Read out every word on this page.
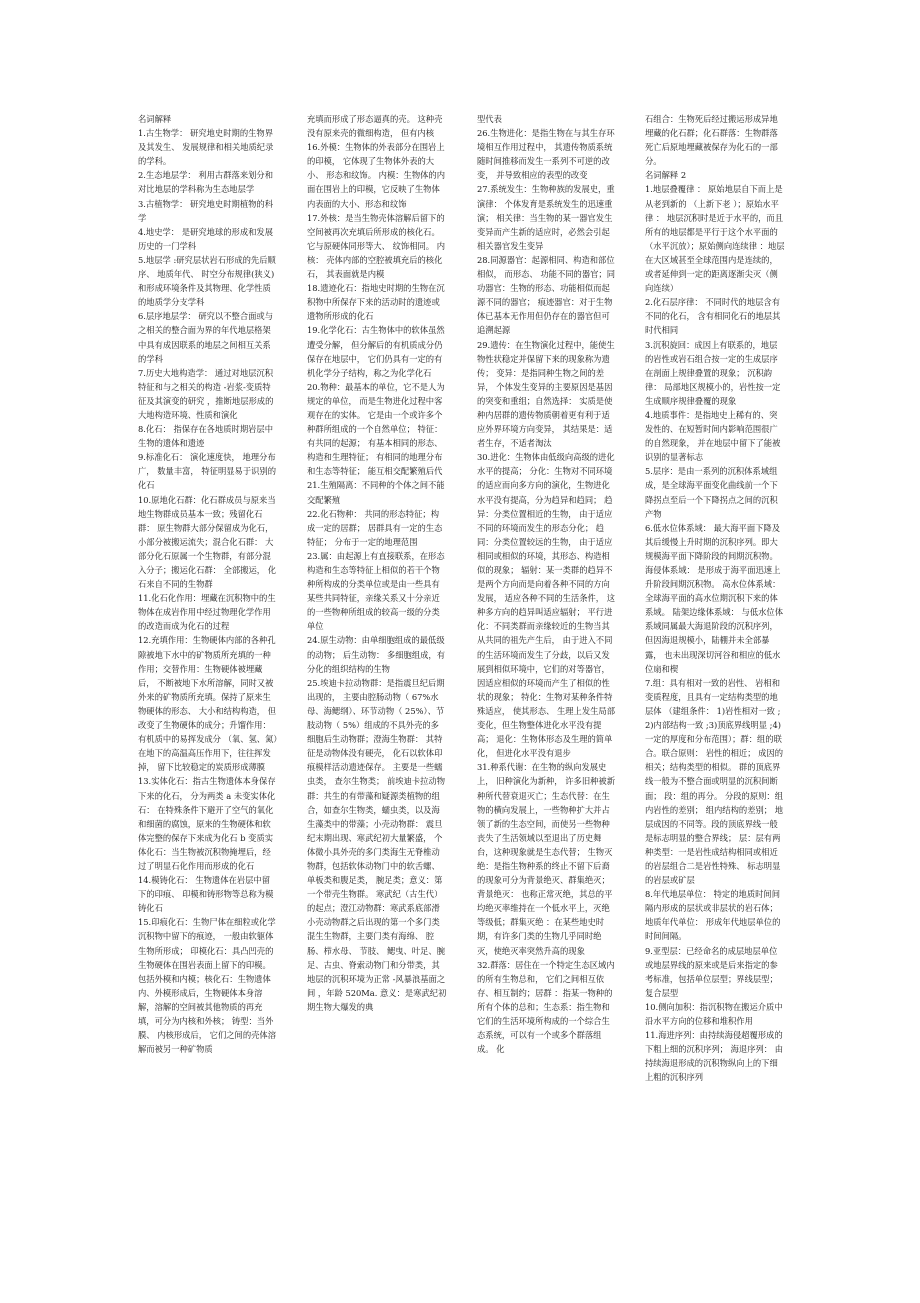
名词解释

1.古生物学： 研究地史时期的生物界及其发生、 发展规律和相关地质纪录的学科。

2.生态地层学： 利用古群落来划分和对比地层的学科称为生态地层学

3.古植物学： 研究地史时期植物的科学

4.地史学： 是研究地球的形成和发展历史的一门学科

5.地层学 :研究层状岩石形成的先后顺序、 地质年代、 时空分布规律(狭义)和形成环境条件及其物理、化学性质的地质学分支学科

6.层序地层学： 研究以不整合面或与之相关的整合面为界的年代地层格架中具有成因联系的地层之间相互关系的学科

7.历史大地构造学： 通过对地层沉积特征和与之相关的构造 -岩浆-变质特征及其演变的研究 ，推断地层形成的大地构造环境、性质和演化

8.化石： 指保存在各地质时期岩层中生物的遗体和遗迹

9.标准化石： 演化速度快， 地理分布广， 数量丰富， 特征明显易于识别的化石

10.原地化石群：化石群成员与原来当地生物群成员基本一致；残留化石群： 原生物群大部分保留成为化石，小部分被搬运流失；混合化石群： 大部分化石原属一个生物群，有部分混入分子；搬运化石群： 全部搬运， 化石来自不同的生物群

11.化石化作用：埋藏在沉积物中的生物体在成岩作用中经过物理化学作用的改造而成为化石的过程

12.充填作用：生物硬体内部的各种孔隙被地下水中的矿物质所充填的一种作用；交替作用：生物硬体被埋藏后， 不断被地下水所溶解，同时又被外来的矿物质所充填。保持了原来生物硬体的形态、 大小和结构构造， 但改变了生物硬体的成分；升馏作用：有机质中的易挥发成分 （氧、氢、氮）在地下的高温高压作用下，往往挥发掉， 留下比较稳定的炭质形成薄膜

13.实体化石：指古生物遗体本身保存下来的化石， 分为两类 a 未变实体化石： 在特殊条件下避开了空气的氧化和细菌的腐蚀，原来的生物硬体和软体完整的保存下来成为化石 b 变质实体化石：当生物被沉积物掩埋后，经过了明显石化作用而形成的化石

14.模铸化石： 生物遗体在岩层中留下的印痕、 印模和铸形物等总称为模铸化石

15.印痕化石：生物尸体在细粒或化学沉积物中留下的痕迹， 一般由软躯体生物所形成； 印模化石：具凸凹壳的生物硬体在围岩表面上留下的印模。 包括外模和内模；核化石：生物遗体内、外模形成后，生物硬体本身溶解，溶解的空间被其他物质的再充填，可分为内核和外核； 铸型：当外膜、 内核形成后， 它们之间的壳体溶解而被另一种矿物质

充填而形成了形态逼真的壳。 这种壳没有原来壳的微细构造， 但有内核

16.外模：生物体的外表部分在围岩上的印模， 它体现了生物体外表的大小、 形态和纹饰。 内模：生物体的内面在围岩上的印模，它反映了生物体内表面的大小、形态和纹饰

17.外核：是当生物壳体溶解后留下的空间被再次充填后所形成的核化石。 它与原硬体同形等大、 纹饰相同。 内核： 壳体内部的空腔被填充后的核化石， 其表面就是内模

18.遗迹化石：指地史时期的生物在沉积物中所保存下来的活动时的遗迹或遗物所形成的化石

19.化学化石：古生物体中的软体虽然遭受分解， 但分解后的有机质成分仍保存在地层中， 它们仍具有一定的有机化学分子结构，称之为化学化石

20.物种：最基本的单位，它不是人为规定的单位， 而是生物进化过程中客观存在的实体。 它是由一个或许多个种群所组成的一个自然单位； 特征： 有共同的起源； 有基本相同的形态、 构造和生理特征； 有相同的地理分布和生态等特征； 能互相交配繁殖后代

21.生殖隔离：不同种的个体之间不能交配繁殖

22.化石物种： 共同的形态特征；构成一定的居群； 居群具有一定的生态特征； 分布于一定的地理范围

23.属：由起源上有直接联系，在形态构造和生态等特征上相似的若干个物种所构成的分类单位或是由一些具有某些共同特征，亲缘关系又十分亲近的一些物种所组成的较高一级的分类单位

24.原生动物：由单细胞组成的最低级的动物； 后生动物： 多细胞组成，有分化的组织结构的生物

25.埃迪卡拉动物群：是指震旦纪后期出现的， 主要由腔肠动物（ 67%水母、海鳃纲）、环节动物（ 25%）、节肢动物（ 5%）组成的不具外壳的多细胞后生动物群；澄海生物群： 其特征是动物体没有硬壳， 化石以软体印痕模样活动遗迹保存。 主要是一些蠕虫类， 查尔生物类； 前埃迪卡拉动物群：共生的有带藻和疑源类植物的组合，如查尔生物类，蠕虫类，以及海生藻类中的带藻；小壳动物群： 震旦纪末期出现、寒武纪初大量繁盛， 个体微小具外壳的多门类海生无脊椎动物群，包括软体动物门中的软舌螺、单板类和腹足类， 腕足类；意义：第一个带壳生物群。 寒武纪（古生代） 的起点；澄江动物群：寒武系底部滑小壳动物群之后出现的第一个多门类混生生物群，主要门类有海绵、 腔肠、栉水母、 节肢、 鳃曳、叶足、腕足、古虫、脊索动物门和分带类，其地层的沉积环境为正常 -风暴浪基面之间 ，年龄 520Ma. 意义：是寒武纪初期生物大爆发的典

型代表

26.生物进化：是指生物在与其生存环境相互作用过程中， 其遗传物质系统随时间推移而发生一系列不可逆的改变， 并导致相应的表型的改变

27.系统发生：生物种族的发展史，重演律： 个体发育是系统发生的迅速重演； 相关律：当生物的某一器官发生变异而产生新的适应时，必然会引起相关器官发生变异

28.同源器官：起源相同、构造和部位相似， 而形态、 功能不同的器官；同功器官：生物的形态、功能相似而起源不同的器官； 痕迹器官：对于生物体已基本无作用但仍存在的器官但可追溯起源

29.遗传：在生物演化过程中，能使生物性状稳定并保留下来的现象称为遗传； 变异：是指同种生物之间的差异， 个体发生变异的主要原因是基因的突变和重组；自然选择： 实质是使种内居群的遗传物质朝着更有利于适应外界环境方向变异， 其结果是：适者生存，不适者淘汰

30.进化：生物体由低级向高级的进化水平的提高； 分化：生物对不同环境的适应而向多方向的演化，生物进化水平没有提高，分为趋异和趋同； 趋异：分类位置相近的生物， 由于适应不同的环境而发生的形态分化； 趋同：分类位置较远的生物， 由于适应相同或相似的环境，其形态、构造相似的现象； 辐射：某一类群的趋异不是两个方向而是向着各种不同的方向发展， 适应各种不同的生活条件， 这种多方向的趋异叫适应辐射； 平行进化：不同类群而亲缘较近的生物当其从共同的祖先产生后， 由于进入不同的生活环境而发生了分歧，以后又发展到相似环境中，它们的对等器官， 因适应相似的环境而产生了相似的性状的现象； 特化：生物对某种条件特殊适应， 使其形态、 生理上发生局部变化，但生物整体进化水平没有提高； 退化：生物体形态及生理的简单化， 但进化水平没有退步

31.种系代谢：在生物的纵向发展史上， 旧种演化为新种， 许多旧种被新种所代替衰退灭亡；生态代替：在生物的横向发展上，一些物种扩大并占领了新的生态空间，而使另一些物种丧失了生活领域以至退出了历史舞台，这种现象就是生态代替； 生物灭绝：是指生物种系的终止不留下后裔的现象可分为背景绝灭、群集绝灭； 背景绝灭： 也称正常灭绝，其总的平均绝灭率维持在一个低水平上，灭绝等级低；群集灭绝 ：在某些地史时期，有许多门类的生物几乎同时绝灭，使绝灭率突然升高的现象

32.群落：居住在一个特定生态区域内的所有生物总和， 它们之间相互依存、相互制约；居群 ：指某一物种的所有个体的总和；生态系：指生物和它们的生活环境所构成的一个综合生态系统，可以有一个或多个群落组成。 化

石组合：生物死后经过搬运形成异地埋藏的化石群；化石群落：生物群落死亡后原地埋藏被保存为化石的一部分。

名词解释 2

1.地层叠覆律 ： 原始地层自下而上是从老到新的 （上新下老 ）；原始水平律 ： 地层沉积时是近于水平的，而且所有的地层都是平行于这个水平面的 （水平沉放）；原始侧向连续律 ：地层在大区域甚至全球范围内是连续的，或者延伸到一定的距离逐渐尖灭（侧向连续）

2.化石层序律： 不同时代的地层含有不同的化石， 含有相同化石的地层其时代相同

3.沉积旋回：成因上有联系的，地层的岩性或岩石组合按一定的生成层序在剖面上规律叠置的现象； 沉积韵律： 局部地区规模小的，岩性按一定生成顺序规律叠覆的现象

4.地质事件：是指地史上稀有的、突发性的、在短暂时间内影响范围很广的自然现象， 并在地层中留下了能被识别的显著标志

5.层序：是由一系列的沉积体系域组成，是全球海平面变化曲线前一个下降拐点至后一个下降拐点之间的沉积产物

6.低水位体系域： 最大海平面下降及其后缓慢上升时期的沉积序列。即大规模海平面下降阶段的间期沉积物。 海侵体系域： 是形成于海平面迅速上升阶段间期沉积物。 高水位体系域： 全球海平面的高水位期沉积下来的体系域。 陆架边缘体系域： 与低水位体系域同属最大海退阶段的沉积序列，但因海退规模小，陆棚并未全部暴露， 也未出现深切河谷和相应的低水位扇和楔

7.组：具有相对一致的岩性、 岩相和变质程度，且具有一定结构类型的地层体 （建组条件： 1)岩性相对一致 ;2)内部结构一致 ;3)顶底界线明显 ;4)一定的厚度和分布范围）；群：组的联合。联合原则： 岩性的相近； 成因的相关；结构类型的相似。 群的顶底界线一般为不整合面或明显的沉积间断面； 段：组的再分。 分段的原则：组内岩性的差别； 组内结构的差别； 地层成因的不同等。段的顶底界线一般是标志明显的整合界线； 层：层有两种类型：一是岩性成结构相同或相近的岩层组合二是岩性特殊、 标志明显的岩层或矿层

8.年代地层单位： 特定的地质时间间隔内形成的层状或非层状的岩石体； 地质年代单位： 形成年代地层单位的时间间隔。

9.亚型层：已经命名的成层地层单位或地层界线的原来或是后来指定的参考标准，包括单位层型；界线层型；复合层型

10.侧向加积：指沉积物在搬运介质中沿水平方向的位移和堆积作用

11.海进序列：由持续海侵超覆形成的下粗上细的沉积序列； 海退序列： 由持续海退形成的沉积物纵向上的下细上粗的沉积序列
